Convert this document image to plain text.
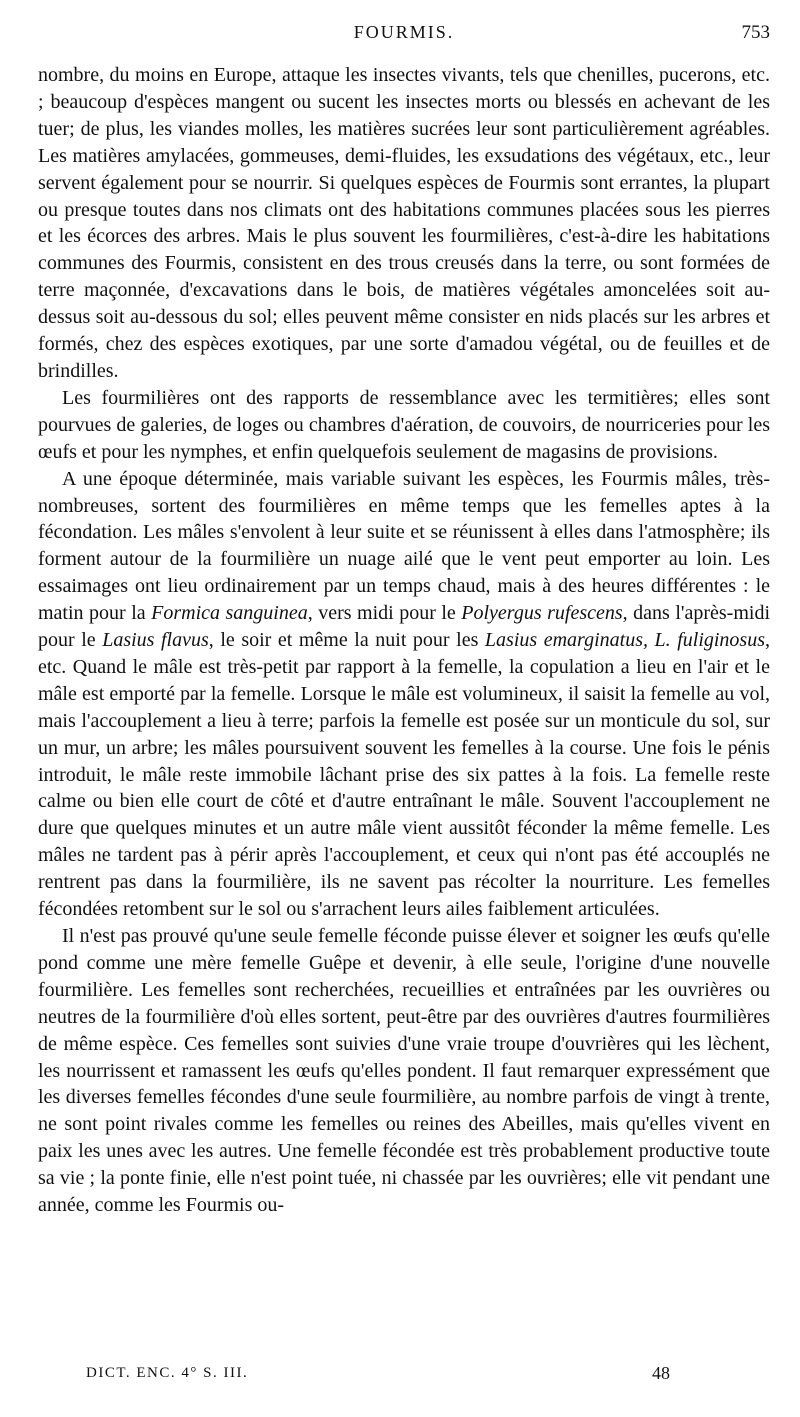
FOURMIS.	753

nombre, du moins en Europe, attaque les insectes vivants, tels que chenilles, pucerons, etc. ; beaucoup d'espèces mangent ou sucent les insectes morts ou blessés en achevant de les tuer; de plus, les viandes molles, les matières sucrées leur sont particulièrement agréables. Les matières amylacées, gommeuses, demi-fluides, les exsudations des végétaux, etc., leur servent également pour se nourrir. Si quelques espèces de Fourmis sont errantes, la plupart ou presque toutes dans nos climats ont des habitations communes placées sous les pierres et les écorces des arbres. Mais le plus souvent les fourmilières, c'est-à-dire les habitations communes des Fourmis, consistent en des trous creusés dans la terre, ou sont formées de terre maçonnée, d'excavations dans le bois, de matières végétales amoncelées soit au-dessus soit au-dessous du sol; elles peuvent même consister en nids placés sur les arbres et formés, chez des espèces exotiques, par une sorte d'amadou végétal, ou de feuilles et de brindilles.

Les fourmilières ont des rapports de ressemblance avec les termitières; elles sont pourvues de galeries, de loges ou chambres d'aération, de couvoirs, de nourriceries pour les œufs et pour les nymphes, et enfin quelquefois seulement de magasins de provisions.

A une époque déterminée, mais variable suivant les espèces, les Fourmis mâles, très-nombreuses, sortent des fourmilières en même temps que les femelles aptes à la fécondation. Les mâles s'envolent à leur suite et se réunissent à elles dans l'atmosphère; ils forment autour de la fourmilière un nuage ailé que le vent peut emporter au loin. Les essaimages ont lieu ordinairement par un temps chaud, mais à des heures différentes : le matin pour la Formica sanguinea, vers midi pour le Polyergus rufescens, dans l'après-midi pour le Lasius flavus, le soir et même la nuit pour les Lasius emarginatus, L. fuliginosus, etc. Quand le mâle est très-petit par rapport à la femelle, la copulation a lieu en l'air et le mâle est emporté par la femelle. Lorsque le mâle est volumineux, il saisit la femelle au vol, mais l'accouplement a lieu à terre; parfois la femelle est posée sur un monticule du sol, sur un mur, un arbre; les mâles poursuivent souvent les femelles à la course. Une fois le pénis introduit, le mâle reste immobile lâchant prise des six pattes à la fois. La femelle reste calme ou bien elle court de côté et d'autre entraînant le mâle. Souvent l'accouplement ne dure que quelques minutes et un autre mâle vient aussitôt féconder la même femelle. Les mâles ne tardent pas à périr après l'accouplement, et ceux qui n'ont pas été accouplés ne rentrent pas dans la fourmilière, ils ne savent pas récolter la nourriture. Les femelles fécondées retombent sur le sol ou s'arrachent leurs ailes faiblement articulées.

Il n'est pas prouvé qu'une seule femelle féconde puisse élever et soigner les œufs qu'elle pond comme une mère femelle Guêpe et devenir, à elle seule, l'origine d'une nouvelle fourmilière. Les femelles sont recherchées, recueillies et entraînées par les ouvrières ou neutres de la fourmilière d'où elles sortent, peut-être par des ouvrières d'autres fourmilières de même espèce. Ces femelles sont suivies d'une vraie troupe d'ouvrières qui les lèchent, les nourrissent et ramassent les œufs qu'elles pondent. Il faut remarquer expressément que les diverses femelles fécondes d'une seule fourmilière, au nombre parfois de vingt à trente, ne sont point rivales comme les femelles ou reines des Abeilles, mais qu'elles vivent en paix les unes avec les autres. Une femelle fécondée est très probablement productive toute sa vie ; la ponte finie, elle n'est point tuée, ni chassée par les ouvrières; elle vit pendant une année, comme les Fourmis ou-

DICT. ENC. 4° S. III.	48
